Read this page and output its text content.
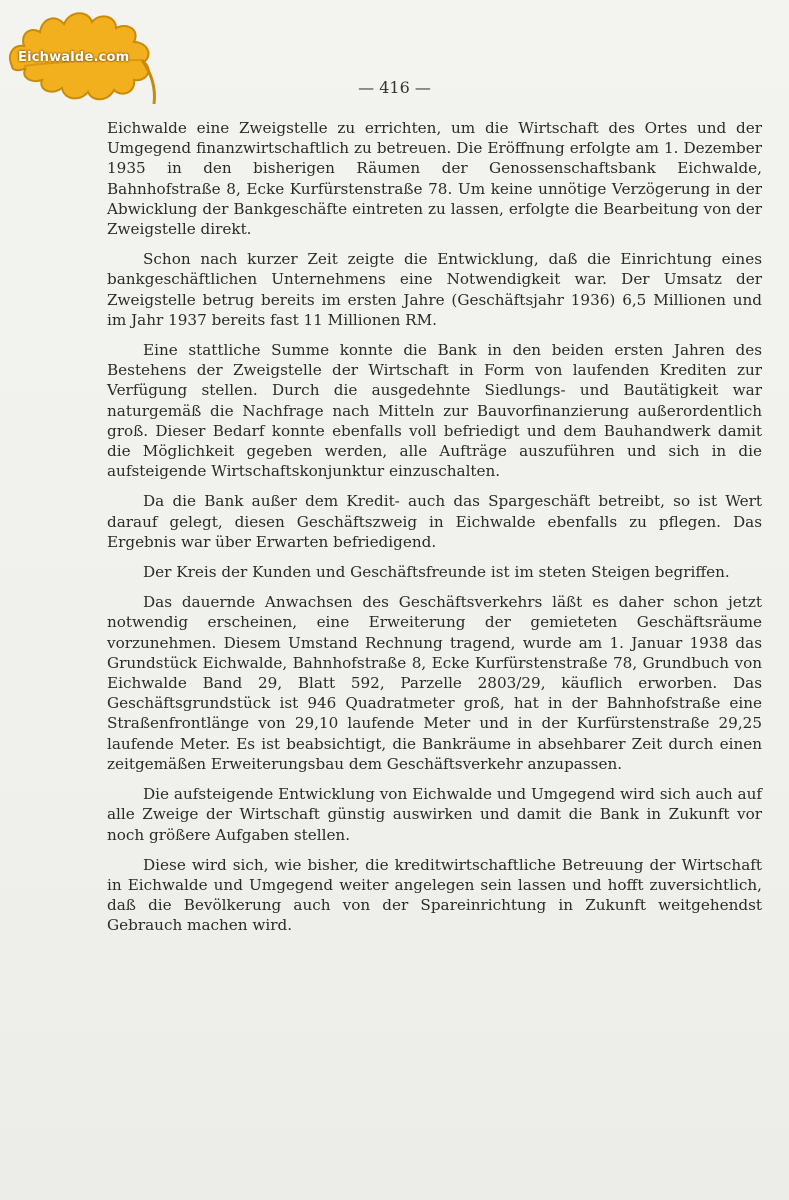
Eichwalde.com
— 416 —

Eichwalde eine Zweigstelle zu errichten, um die Wirtschaft des Ortes und der Umgegend finanzwirtschaftlich zu betreuen. Die Eröffnung erfolgte am 1. Dezember 1935 in den bisherigen Räumen der Genossenschaftsbank Eichwalde, Bahnhofstraße 8, Ecke Kurfürstenstraße 78. Um keine unnötige Verzögerung in der Abwicklung der Bankgeschäfte eintreten zu lassen, erfolgte die Bearbeitung von der Zweigstelle direkt.

Schon nach kurzer Zeit zeigte die Entwicklung, daß die Einrichtung eines bankgeschäftlichen Unternehmens eine Notwendigkeit war. Der Umsatz der Zweigstelle betrug bereits im ersten Jahre (Geschäftsjahr 1936) 6,5 Millionen und im Jahr 1937 bereits fast 11 Millionen RM.

Eine stattliche Summe konnte die Bank in den beiden ersten Jahren des Bestehens der Zweigstelle der Wirtschaft in Form von laufenden Krediten zur Verfügung stellen. Durch die ausgedehnte Siedlungs- und Bautätigkeit war naturgemäß die Nachfrage nach Mitteln zur Bauvorfinanzierung außerordentlich groß. Dieser Bedarf konnte ebenfalls voll befriedigt und dem Bauhandwerk damit die Möglichkeit gegeben werden, alle Aufträge auszuführen und sich in die aufsteigende Wirtschaftskonjunktur einzuschalten.

Da die Bank außer dem Kredit- auch das Spargeschäft betreibt, so ist Wert darauf gelegt, diesen Geschäftszweig in Eichwalde ebenfalls zu pflegen. Das Ergebnis war über Erwarten befriedigend.

Der Kreis der Kunden und Geschäftsfreunde ist im steten Steigen begriffen.

Das dauernde Anwachsen des Geschäftsverkehrs läßt es daher schon jetzt notwendig erscheinen, eine Erweiterung der gemieteten Geschäftsräume vorzunehmen. Diesem Umstand Rechnung tragend, wurde am 1. Januar 1938 das Grundstück Eichwalde, Bahnhofstraße 8, Ecke Kurfürstenstraße 78, Grundbuch von Eichwalde Band 29, Blatt 592, Parzelle 2803/29, käuflich erworben. Das Geschäftsgrundstück ist 946 Quadratmeter groß, hat in der Bahnhofstraße eine Straßenfrontlänge von 29,10 laufende Meter und in der Kurfürstenstraße 29,25 laufende Meter. Es ist beabsichtigt, die Bankräume in absehbarer Zeit durch einen zeitgemäßen Erweiterungsbau dem Geschäftsverkehr anzupassen.

Die aufsteigende Entwicklung von Eichwalde und Umgegend wird sich auch auf alle Zweige der Wirtschaft günstig auswirken und damit die Bank in Zukunft vor noch größere Aufgaben stellen.

Diese wird sich, wie bisher, die kreditwirtschaftliche Betreuung der Wirtschaft in Eichwalde und Umgegend weiter angelegen sein lassen und hofft zuversichtlich, daß die Bevölkerung auch von der Spareinrichtung in Zukunft weitgehendst Gebrauch machen wird.
